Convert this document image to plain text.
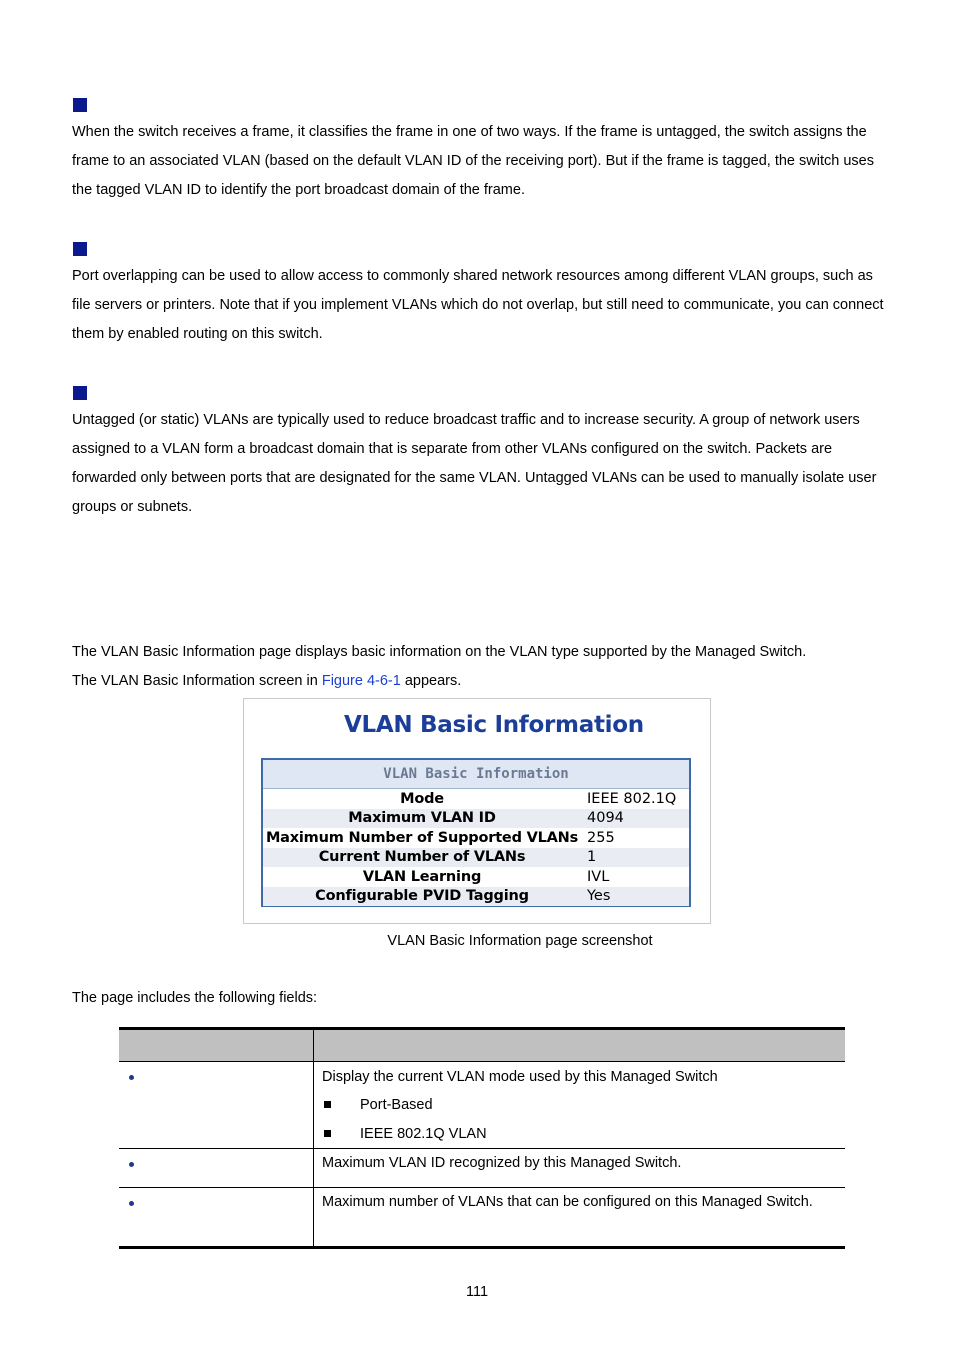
When the switch receives a frame, it classifies the frame in one of two ways. If the frame is untagged, the switch assigns the frame to an associated VLAN (based on the default VLAN ID of the receiving port). But if the frame is tagged, the switch uses the tagged VLAN ID to identify the port broadcast domain of the frame.

Port overlapping can be used to allow access to commonly shared network resources among different VLAN groups, such as file servers or printers. Note that if you implement VLANs which do not overlap, but still need to communicate, you can connect them by enabled routing on this switch.

Untagged (or static) VLANs are typically used to reduce broadcast traffic and to increase security. A group of network users assigned to a VLAN form a broadcast domain that is separate from other VLANs configured on the switch. Packets are forwarded only between ports that are designated for the same VLAN. Untagged VLANs can be used to manually isolate user groups or subnets.

The VLAN Basic Information page displays basic information on the VLAN type supported by the Managed Switch.

The VLAN Basic Information screen in Figure 4-6-1 appears.

VLAN Basic Information
VLAN Basic Information
Mode	IEEE 802.1Q
Maximum VLAN ID	4094
Maximum Number of Supported VLANs 255
Current Number of VLANs	1
VLAN Learning	IVL
Configurable PVID Tagging	Yes
VLAN Basic Information page screenshot

The page includes the following fields:

Display the current VLAN mode used by this Managed Switch
Port-Based
IEEE 802.1Q VLAN
Maximum VLAN ID recognized by this Managed Switch.
Maximum number of VLANs that can be configured on this Managed Switch.
111
